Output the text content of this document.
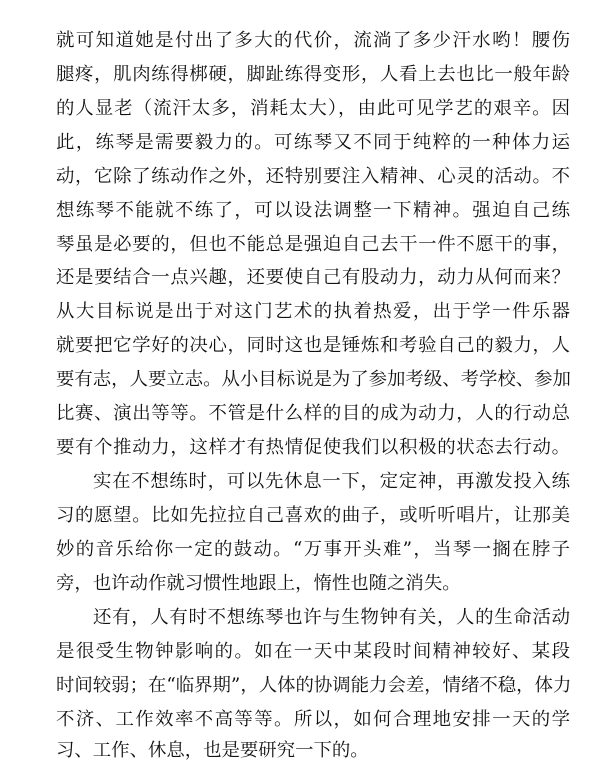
就可知道她是付出了多大的代价，流淌了多少汗水哟！腰伤
腿疼，肌肉练得梆硬，脚趾练得变形，人看上去也比一般年龄
的人显老（流汗太多，消耗太大），由此可见学艺的艰辛。因
此，练琴是需要毅力的。可练琴又不同于纯粹的一种体力运
动，它除了练动作之外，还特别要注入精神、心灵的活动。不
想练琴不能就不练了，可以设法调整一下精神。强迫自己练
琴虽是必要的，但也不能总是强迫自己去干一件不愿干的事，
还是要结合一点兴趣，还要使自己有股动力，动力从何而来？
从大目标说是出于对这门艺术的执着热爱，出于学一件乐器
就要把它学好的决心，同时这也是锤炼和考验自己的毅力，人
要有志，人要立志。从小目标说是为了参加考级、考学校、参加
比赛、演出等等。不管是什么样的目的成为动力，人的行动总
要有个推动力，这样才有热情促使我们以积极的状态去行动。
实在不想练时，可以先休息一下，定定神，再激发投入练
习的愿望。比如先拉拉自己喜欢的曲子，或听听唱片，让那美
妙的音乐给你一定的鼓动。“万事开头难”，当琴一搁在脖子
旁，也许动作就习惯性地跟上，惰性也随之消失。
还有，人有时不想练琴也许与生物钟有关，人的生命活动
是很受生物钟影响的。如在一天中某段时间精神较好、某段
时间较弱；在“临界期”，人体的协调能力会差，情绪不稳，体力
不济、工作效率不高等等。所以，如何合理地安排一天的学
习、工作、休息，也是要研究一下的。
